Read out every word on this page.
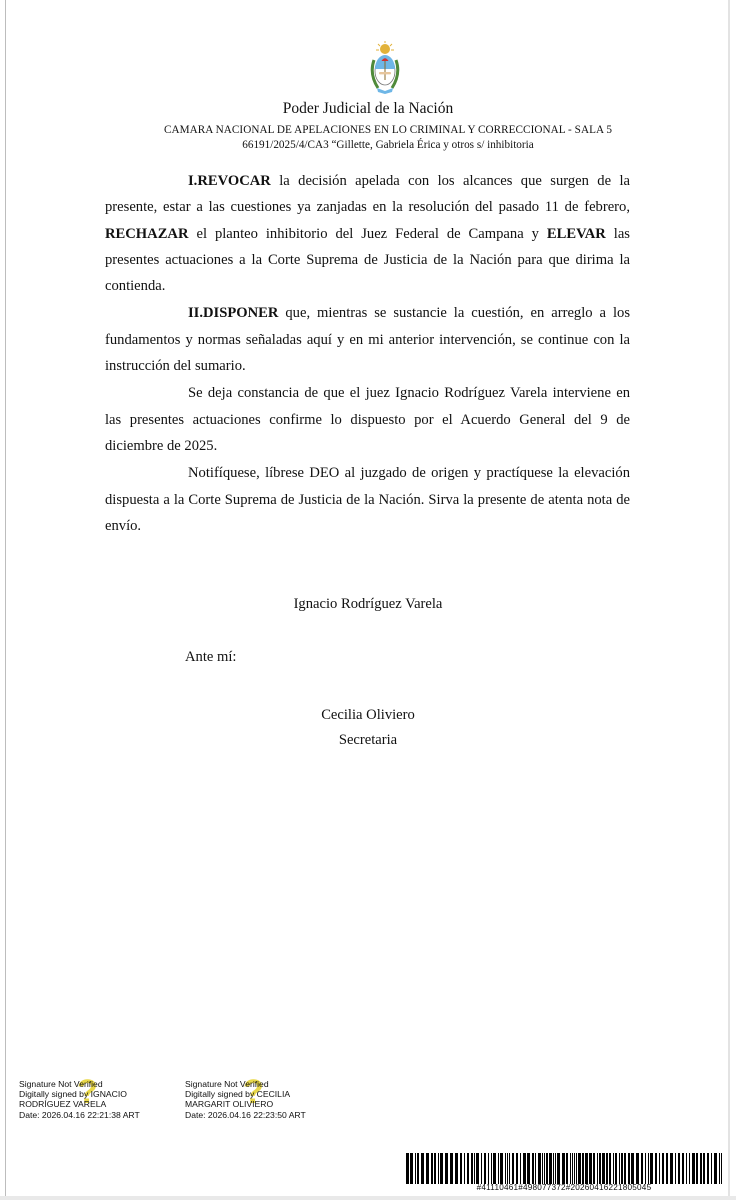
Poder Judicial de la Nación
CAMARA NACIONAL DE APELACIONES EN LO CRIMINAL Y CORRECCIONAL - SALA 5
66191/2025/4/CA3 “Gillette, Gabriela Érica y otros s/ inhibitoria

I.REVOCAR la decisión apelada con los alcances que surgen de la presente, estar a las cuestiones ya zanjadas en la resolución del pasado 11 de febrero, RECHAZAR el planteo inhibitorio del Juez Federal de Campana y ELEVAR las presentes actuaciones a la Corte Suprema de Justicia de la Nación para que dirima la contienda.

II.DISPONER que, mientras se sustancie la cuestión, en arreglo a los fundamentos y normas señaladas aquí y en mi anterior intervención, se continue con la instrucción del sumario.

Se deja constancia de que el juez Ignacio Rodríguez Varela interviene en las presentes actuaciones confirme lo dispuesto por el Acuerdo General del 9 de diciembre de 2025.

Notifíquese, líbrese DEO al juzgado de origen y practíquese la elevación dispuesta a la Corte Suprema de Justicia de la Nación. Sirva la presente de atenta nota de envío.

Ignacio Rodríguez Varela
Ante mí:
Cecilia Oliviero
Secretaria
?
Signature Not Verified
Digitally signed by IGNACIO
RODRÍGUEZ VARELA
Date: 2026.04.16 22:21:38 ART
?
Signature Not Verified
Digitally signed by CECILIA
MARGARIT OLIVIERO
Date: 2026.04.16 22:23:50 ART
#41110461#498077372#20260416221805045
